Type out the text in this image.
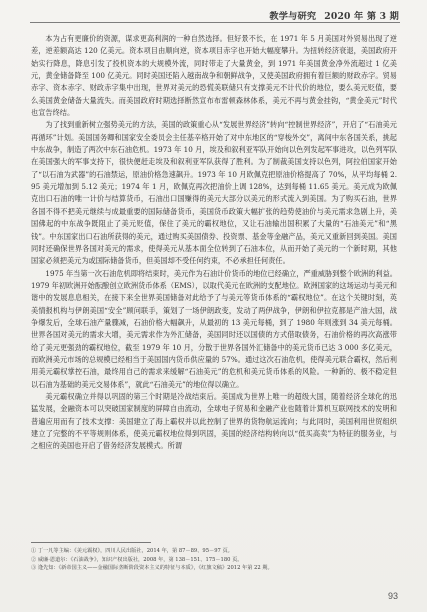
教学与研究 2020 年 第 3 期

本为占有更廉价的资源，谋求更高利润的一种自然选择。但好景不长，在 1971 年 5 月美国对外贸易出现了逆差，逆差额高达 120 亿美元。资本项目由顺向逆，资本项目赤字也开始大幅度攀升。为扭转经济衰退，美国政府开始实行降息，降息引发了投机资本的大规模外流，同时带走了大量黄金，到 1971 年美国黄金净外流超过 1 亿美元，黄金储备降至 100 亿美元。同时美国还陷入越南战争和朝鲜战争，又使美国政府拥有着巨额的财政赤字。贸易赤字、资本赤字、财政赤字集中出现，世界对美元的恐慌美联储只有支撑美元不计代价的地位，要么美元贬值，要么美国黄金储备大量流失。而美国政府时期选择断然宣布布雷顿森林体系，美元不再与黄金挂钩，“黄金美元”时代也宣告终结。

为了找到重新树立强势美元的方法，美国的政策重心从“发展世界经济”转向“控制世界经济”，开启了“石油美元再循环”计划。美国国务卿和国家安全委员会主任基辛格开始了对中东地区的“穿梭外交”，离间中东各国关系，挑起中东战争，制造了两次中东石油危机。1973 年 10 月，埃及和叙利亚军队开始向以色列发起军事进攻，以色列军队在美国强大的军事支持下，很快便赶走埃及和叙利亚军队获得了胜利。为了制裁美国支持以色列，阿拉伯国家开始了“以石油为武器”的石油禁运，原油价格急速飙升。1973 年 10 月欧佩克把原油价格提高了 70%，从平均每桶 2.95 美元增加到 5.12 美元；1974 年 1 月，欧佩克再次把油价上调 128%，达到每桶 11.65 美元。美元成为欧佩克出口石油的唯一计价与结算货币，石油出口国赚得的美元大部分以美元的形式流入到美国。为了购买石油，世界各国不得不把美元继续与成最重要的国际储备货币，美国货币政策大幅扩张的趋势使油价与美元需求急剧上升，美国佛起的中东战争既阻止了美元贬值，保住了美元的霸权地位，又让石油输出国积累了大量的“石油美元”和“黑钱”。中东国家出口石油所获得的美元，通过购买美国债券、投资票、基金等金融产品，美元又重新回到美国。美国同时还确保世界各国对美元的需求，使得美元从基本面全位转到了石油本位，从而开始了美元的一个新时期，其他国家必须把美元为或国际储备货币，但美国却不受任何约束，不必承担任何责任。

1975 年当第一次石油危机即将结束时，美元作为石油计价货币的地位已经确立，严重威胁到整个欧洲的利益。1979 年初欧洲开始酝酿创立欧洲货币体系（EMS），以取代美元在欧洲的支配地位。欧洲国家的这场运动与美元和谐中的发展息息相关，在接下来全世界美国储备对此给予了与美元等货币体系的“霸权地位”。在这个关键时刻，英美情报机构与伊朗美国“安全”顾问联手，策划了一场伊朗政变，发动了两伊战争，伊朗和伊拉克都是产油大国，战争爆发后，全球石油产量骤减，石油价格大幅飙升，从最初的 13 美元每桶，到了 1980 年则涨到 34 美元每桶。世界各国对美元的需求大增，美元需求作为外汇储备，美国同时还以国债的方式借取债务，石油价格的再次高涨带给了美元更强劲的霸权地位，截至 1979 年 10 月，分散于世界各国外汇储备中的美元货币已达 3 000 多亿美元，而欧洲美元市场的总规模已经相当于美国国内货币供应量的 57%。通过这次石油危机，使得美元联合霸权，然后利用美元霸权掌控石油，最终用自己的需求来缓解“石油美元”的危机和美元货币体系的风险。一种新的、极不稳定但以石油为基础的美元交易体系”，就此“石油美元”的地位得以确立。

美元霸权确立并得以巩固的第三个时期是冷战结束后。美国成为世界上唯一的超级大国，随着经济全球化的迅猛发展，金融资本可以突破国家制度的屏障自由流动，全球电子贸易和金融产业也随着计算机互联网技术的发明和普遍应用而有了技术支撑：美国建立了海上霸权并以此控制了世界的货物航运流向；与此同时，美国利用世贸组织建立了完整的不平等规则体系，使美元霸权地位得到巩固，美国的经济结构转向以“低买高卖”为特征的服务业，与之相应的美国也开启了借务经济发展模式。所谓

① 丁一凡等主编：《美元霸权》，四川人民出版社，2014 年，第 87－89、95－97 页。
② 威廉·恩道尔：《石油战争》，知识产权出版社，2008 年，第 138－151、175－180 页。
③ 逄先知：《新帝国主义——金融国际垄断阶段资本主义的特征与本质》，《红旗文稿》2012 年第 22 期。
93
